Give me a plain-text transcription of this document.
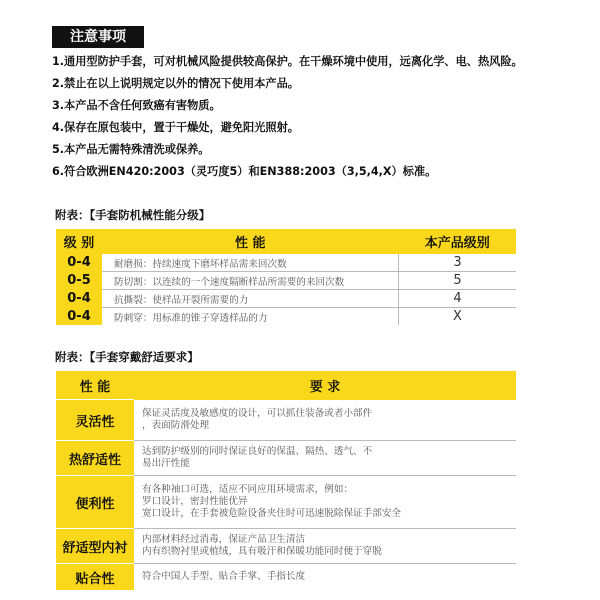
注意事项
1.通用型防护手套，可对机械风险提供较高保护。在干燥环境中使用，远离化学、电、热风险。
2.禁止在以上说明规定以外的情况下使用本产品。
3.本产品不含任何致癌有害物质。
4.保存在原包装中，置于干燥处，避免阳光照射。
5.本产品无需特殊清洗或保养。
6.符合欧洲EN420:2003（灵巧度5）和EN388:2003（3,5,4,X）标准。
附表：【手套防机械性能分级】
级 别	性 能	本产品级别
0-4	耐磨损：持续速度下磨坏样品需来回次数	3
0-5	防切割：以连续的一个速度隔断样品所需要的来回次数	5
0-4	抗撕裂：使样品开裂所需要的力	4
0-4	防刺穿：用标准的锥子穿透样品的力	X
附表：【手套穿戴舒适要求】
性 能	要 求
灵活性	保证灵活度及敏感度的设计，可以抓住装备或者小部件
，表面防滑处理

热舒适性	达到防护级别的同时保证良好的保温、隔热、透气、不
易出汗性能

便利性	有各种袖口可选，适应不同应用环境需求，例如：
罗口设计，密封性能优异
宽口设计，在手套被危险设备夹住时可迅速脱除保证手部安全

舒适型内衬	内部材料经过消毒，保证产品卫生清洁
内有织物衬里或植绒，具有吸汗和保暖功能同时便于穿脱

贴合性	符合中国人手型、贴合手掌、手指长度
